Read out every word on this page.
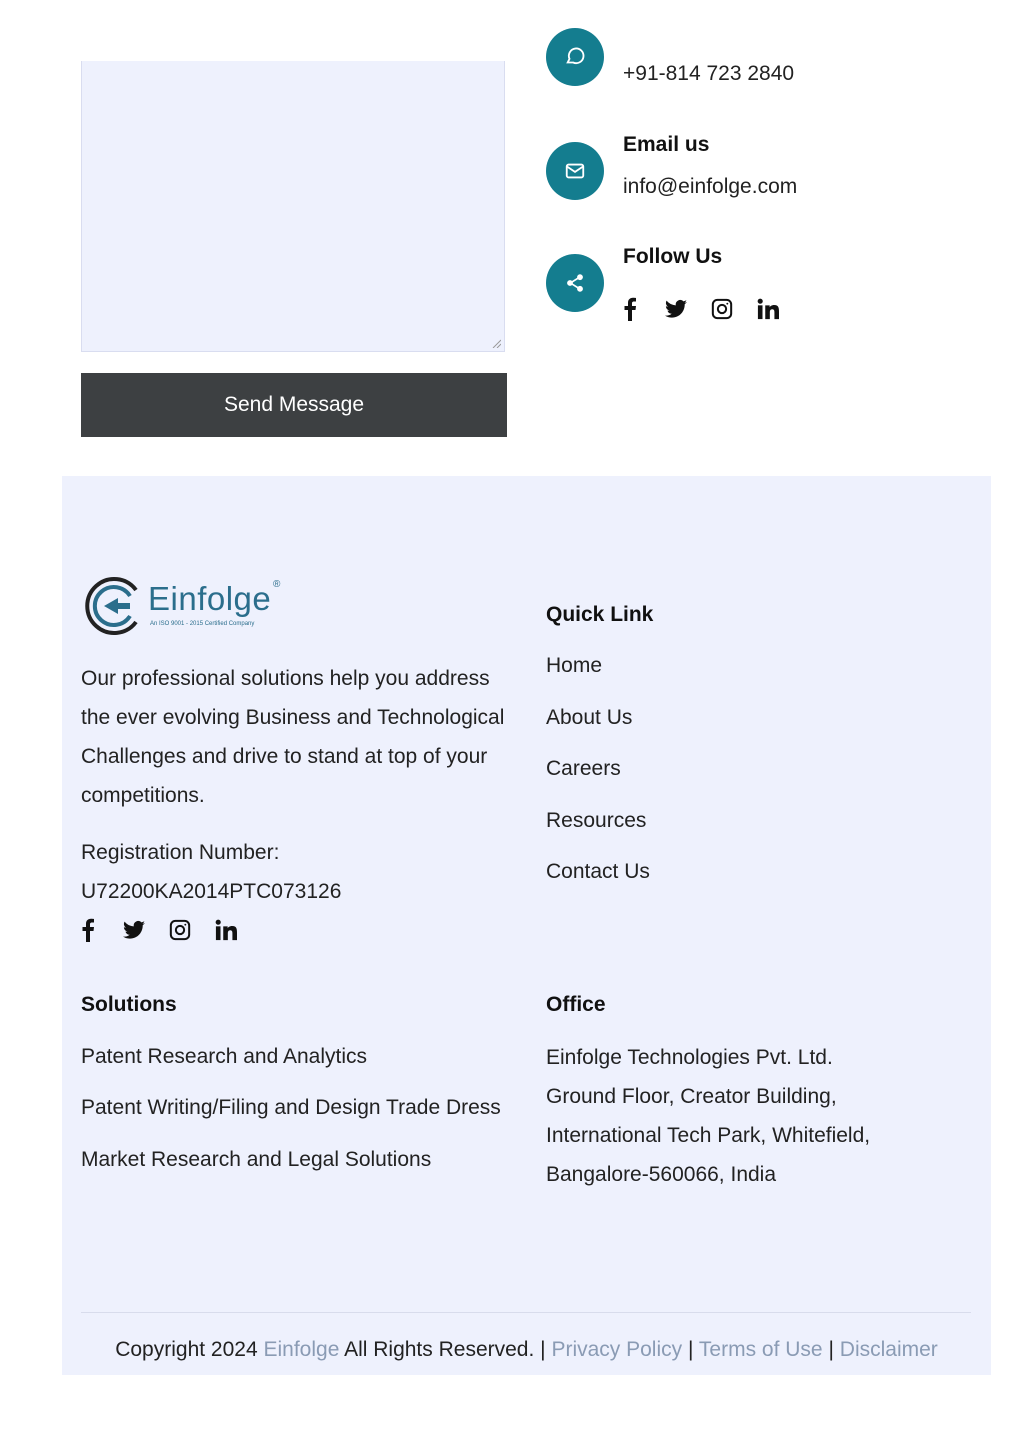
Send Message
+91-814 723 2840
Email us
info@einfolge.com
Follow Us
Einfolge ®
An ISO 9001 - 2015 Certified Company
Our professional solutions help you address the ever evolving Business and Technological Challenges and drive to stand at top of your competitions.
Registration Number:
U72200KA2014PTC073126
Quick Link
Home
About Us
Careers
Resources
Contact Us
Solutions
Patent Research and Analytics
Patent Writing/Filing and Design Trade Dress
Market Research and Legal Solutions
Office
Einfolge Technologies Pvt. Ltd.
Ground Floor, Creator Building,
International Tech Park, Whitefield,
Bangalore-560066, India
Copyright 2024 Einfolge All Rights Reserved. | Privacy Policy | Terms of Use | Disclaimer
